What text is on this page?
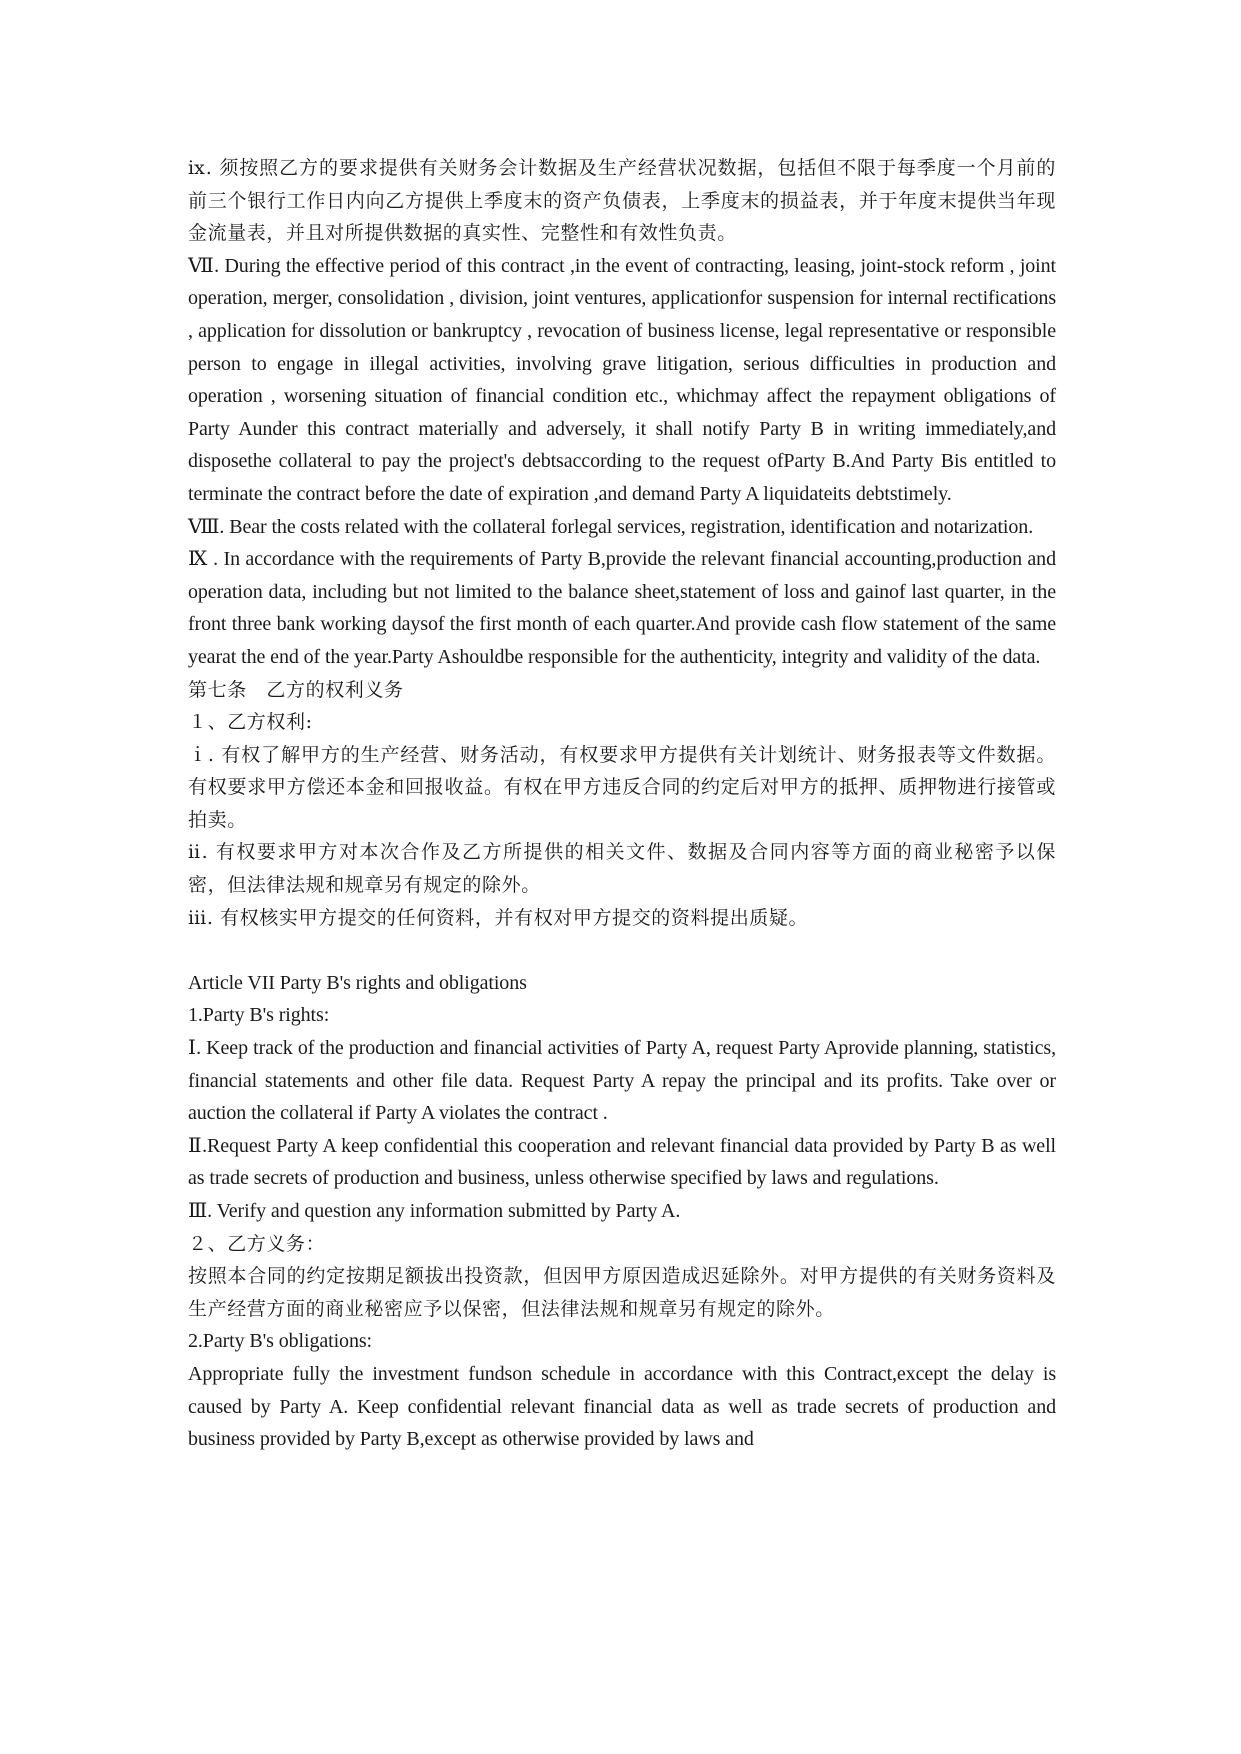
ⅸ. 须按照乙方的要求提供有关财务会计数据及生产经营状况数据，包括但不限于每季度一个月前的前三个银行工作日内向乙方提供上季度末的资产负债表，上季度末的损益表，并于年度末提供当年现金流量表，并且对所提供数据的真实性、完整性和有效性负责。

Ⅶ. During the effective period of this contract ,in the event of contracting, leasing, joint-stock reform , joint operation, merger, consolidation , division, joint ventures, applicationfor suspension for internal rectifications , application for dissolution or bankruptcy , revocation of business license, legal representative or responsible person to engage in illegal activities, involving grave litigation, serious difficulties in production and operation , worsening situation of financial condition etc., whichmay affect the repayment obligations of Party Aunder this contract materially and adversely, it shall notify Party B in writing immediately,and disposethe collateral to pay the project's debtsaccording to the request ofParty B.And Party Bis entitled to terminate the contract before the date of expiration ,and demand Party A liquidateits debtstimely.

Ⅷ. Bear the costs related with the collateral forlegal services, registration, identification and notarization.

Ⅸ . In accordance with the requirements of Party B,provide the relevant financial accounting,production and operation data, including but not limited to the balance sheet,statement of loss and gainof last quarter, in the front three bank working daysof the first month of each quarter.And provide cash flow statement of the same yearat the end of the year.Party Ashouldbe responsible for the authenticity, integrity and validity of the data.

第七条　乙方的权利义务

１、乙方权利:

ｉ. 有权了解甲方的生产经营、财务活动，有权要求甲方提供有关计划统计、财务报表等文件数据。有权要求甲方偿还本金和回报收益。有权在甲方违反合同的约定后对甲方的抵押、质押物进行接管或拍卖。

ⅱ. 有权要求甲方对本次合作及乙方所提供的相关文件、数据及合同内容等方面的商业秘密予以保密，但法律法规和规章另有规定的除外。

ⅲ. 有权核实甲方提交的任何资料，并有权对甲方提交的资料提出质疑。

Article VII Party B's rights and obligations

1.Party B's rights:

Ⅰ. Keep track of the production and financial activities of Party A, request Party Aprovide planning, statistics, financial statements and other file data. Request Party A repay the principal and its profits. Take over or auction the collateral if Party A violates the contract .

Ⅱ.Request Party A keep confidential this cooperation and relevant financial data provided by Party B as well as trade secrets of production and business, unless otherwise specified by laws and regulations.

Ⅲ. Verify and question any information submitted by Party A.

２、乙方义务：

按照本合同的约定按期足额拔出投资款，但因甲方原因造成迟延除外。对甲方提供的有关财务资料及生产经营方面的商业秘密应予以保密，但法律法规和规章另有规定的除外。

2.Party B's obligations:

Appropriate fully the investment fundson schedule in accordance with this Contract,except the delay is caused by Party A. Keep confidential relevant financial data as well as trade secrets of production and business provided by Party B,except as otherwise provided by laws and
